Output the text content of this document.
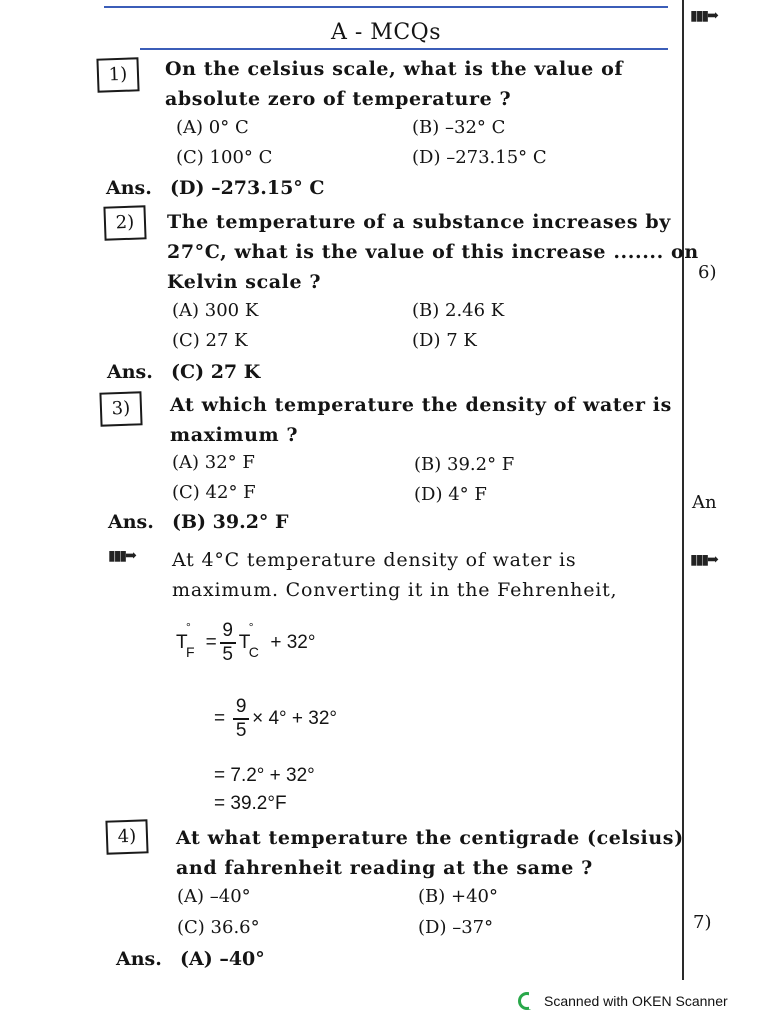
A - MCQs
▮▮▮➡
6)
An
▮▮▮➡
7)
1)	On the celsius scale, what is the value of
absolute zero of temperature ?
(A) 0° C	(B) –32° C
(C) 100° C	(D) –273.15° C
Ans. (D) –273.15° C
2)	The temperature of a substance increases by
27°C, what is the value of this increase ....... on
Kelvin scale ?
(A) 300 K	(B) 2.46 K
(C) 27 K	(D) 7 K
Ans. (C) 27 K
3)	At which temperature the density of water is
maximum ?
(A) 32° F	(B) 39.2° F
(C) 42° F	(D) 4° F
Ans. (B) 39.2° F
▮▮▮➡ At 4°C temperature density of water is
maximum. Converting it in the Fehrenheit,
T
°
$F = \frac{9}{5}$ T
°
C + 32°
= $\frac{9}{5} \times 4^\circ + 32^\circ$
= 7.2° + 32°
= 39.2°F
4)	At what temperature the centigrade (celsius)
and fahrenheit reading at the same ?
(A) –40°	(B) +40°
(C) 36.6°	(D) –37°
Ans. (A) –40°
Scanned with OKEN Scanner
